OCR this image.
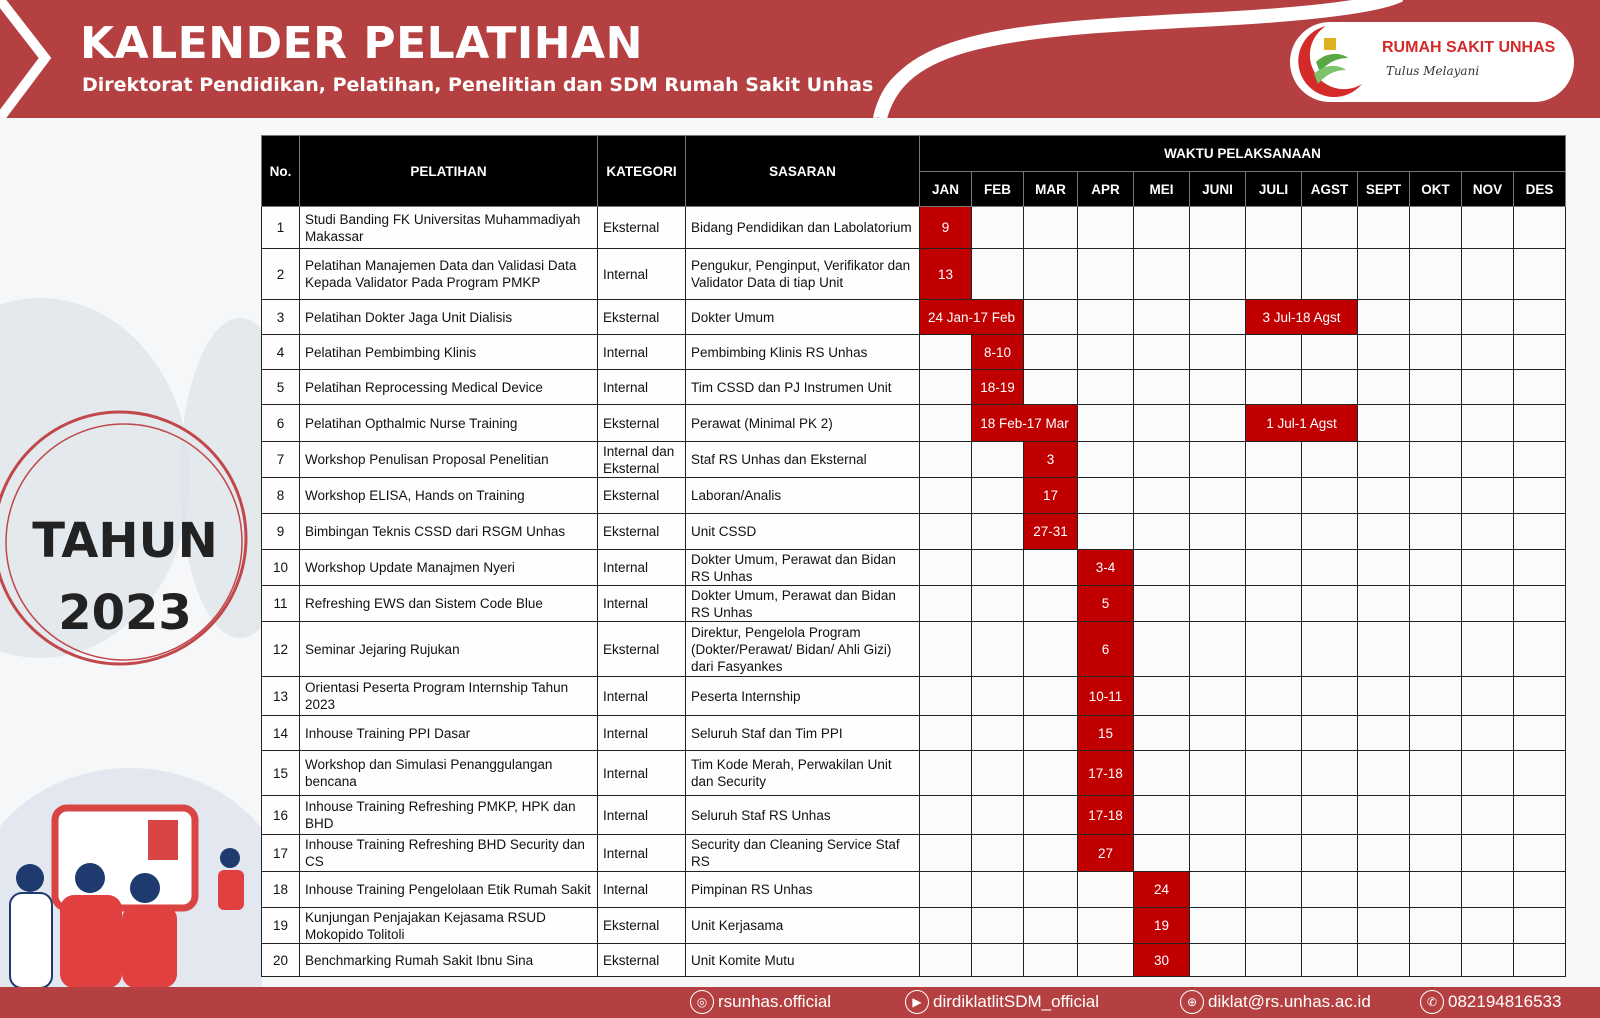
KALENDER PELATIHAN
Direktorat Pendidikan, Pelatihan, Penelitian dan SDM Rumah Sakit Unhas
RUMAH SAKIT UNHAS
Tulus Melayani
TAHUN
2023
No.	PELATIHAN	KATEGORI	SASARAN	WAKTU PELAKSANAAN											
				JAN	FEB	MAR	APR	MEI	JUNI	JULI	AGST	SEPT	OKT	NOV	DES
1	Studi Banding FK Universitas Muhammadiyah Makassar	Eksternal	Bidang Pendidikan dan Labolatorium	9											
2	Pelatihan Manajemen Data dan Validasi Data Kepada Validator Pada Program PMKP	Internal	Pengukur, Penginput, Verifikator dan Validator Data di tiap Unit	13											
3	Pelatihan Dokter Jaga Unit Dialisis	Eksternal	Dokter Umum	24 Jan-17 Feb						3 Jul-18 Agst					
4	Pelatihan Pembimbing Klinis	Internal	Pembimbing Klinis RS Unhas		8-10										
5	Pelatihan Reprocessing Medical Device	Internal	Tim CSSD dan PJ Instrumen Unit		18-19										
6	Pelatihan Opthalmic Nurse Training	Eksternal	Perawat (Minimal PK 2)		18 Feb-17 Mar					1 Jul-1 Agst					
7	Workshop Penulisan Proposal Penelitian	Internal dan Eksternal	Staf RS Unhas dan Eksternal			3									
8	Workshop ELISA, Hands on Training	Eksternal	Laboran/Analis			17									
9	Bimbingan Teknis CSSD dari RSGM Unhas	Eksternal	Unit CSSD			27-31									
10	Workshop Update Manajmen Nyeri	Internal	Dokter Umum, Perawat dan Bidan RS Unhas				3-4								
11	Refreshing EWS dan Sistem Code Blue	Internal	Dokter Umum, Perawat dan Bidan RS Unhas				5								
12	Seminar Jejaring Rujukan	Eksternal	Direktur, Pengelola Program (Dokter/Perawat/ Bidan/ Ahli Gizi) dari Fasyankes				6								
13	Orientasi Peserta Program Internship Tahun 2023	Internal	Peserta Internship				10-11								
14	Inhouse Training PPI Dasar	Internal	Seluruh Staf dan Tim PPI				15								
15	Workshop dan Simulasi Penanggulangan bencana	Internal	Tim Kode Merah, Perwakilan Unit dan Security				17-18								
16	Inhouse Training Refreshing PMKP, HPK dan BHD	Internal	Seluruh Staf RS Unhas				17-18								
17	Inhouse Training Refreshing BHD Security dan CS	Internal	Security dan Cleaning Service Staf RS				27								
18	Inhouse Training Pengelolaan Etik Rumah Sakit	Internal	Pimpinan RS Unhas					24							
19	Kunjungan Penjajakan Kejasama RSUD Mokopido Tolitoli	Eksternal	Unit Kerjasama					19							
20	Benchmarking Rumah Sakit Ibnu Sina	Eksternal	Unit Komite Mutu					30							
◎ rsunhas.official	▶ dirdiklatlitSDM_official	⊕ diklat@rs.unhas.ac.id	✆ 082194816533
